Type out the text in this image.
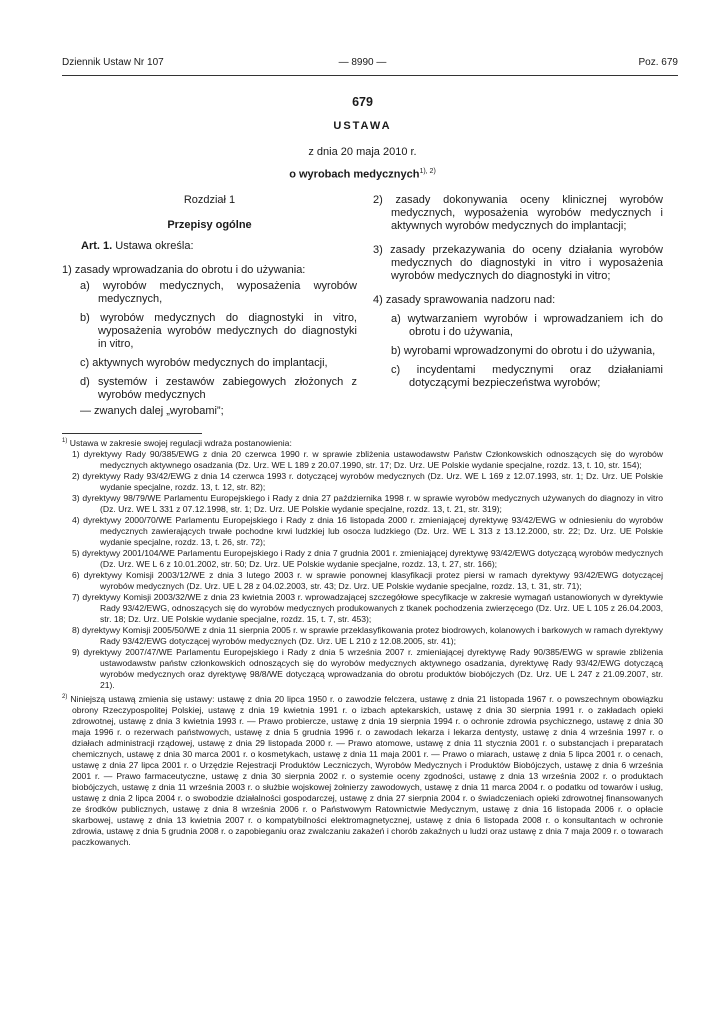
Dziennik Ustaw Nr 107	— 8990 —	Poz. 679
679
USTAWA
z dnia 20 maja 2010 r.
o wyrobach medycznych$^{1), 2)}$

Rozdział 1

Przepisy ogólne

Art. 1. Ustawa określa:

1) zasady wprowadzania do obrotu i do używania:

a) wyrobów medycznych, wyposażenia wyrobów medycznych,

b) wyrobów medycznych do diagnostyki in vitro, wyposażenia wyrobów medycznych do diagnostyki in vitro,

c) aktywnych wyrobów medycznych do implantacji,

d) systemów i zestawów zabiegowych złożonych z wyrobów medycznych

— zwanych dalej „wyrobami”;

2) zasady dokonywania oceny klinicznej wyrobów medycznych, wyposażenia wyrobów medycznych i aktywnych wyrobów medycznych do implantacji;

3) zasady przekazywania do oceny działania wyrobów medycznych do diagnostyki in vitro i wyposażenia wyrobów medycznych do diagnostyki in vitro;

4) zasady sprawowania nadzoru nad:

a) wytwarzaniem wyrobów i wprowadzaniem ich do obrotu i do używania,

b) wyrobami wprowadzonymi do obrotu i do używania,

c) incydentami medycznymi oraz działaniami dotyczącymi bezpieczeństwa wyrobów;

$^{1)}$ Ustawa w zakresie swojej regulacji wdraża postanowienia:
1) dyrektywy Rady 90/385/EWG z dnia 20 czerwca 1990 r. w sprawie zbliżenia ustawodawstw Państw Członkowskich odnoszących się do wyrobów medycznych aktywnego osadzania (Dz. Urz. WE L 189 z 20.07.1990, str. 17; Dz. Urz. UE Polskie wydanie specjalne, rozdz. 13, t. 10, str. 154);
2) dyrektywy Rady 93/42/EWG z dnia 14 czerwca 1993 r. dotyczącej wyrobów medycznych (Dz. Urz. WE L 169 z 12.07.1993, str. 1; Dz. Urz. UE Polskie wydanie specjalne, rozdz. 13, t. 12, str. 82);
3) dyrektywy 98/79/WE Parlamentu Europejskiego i Rady z dnia 27 października 1998 r. w sprawie wyrobów medycznych używanych do diagnozy in vitro (Dz. Urz. WE L 331 z 07.12.1998, str. 1; Dz. Urz. UE Polskie wydanie specjalne, rozdz. 13, t. 21, str. 319);
4) dyrektywy 2000/70/WE Parlamentu Europejskiego i Rady z dnia 16 listopada 2000 r. zmieniającej dyrektywę 93/42/EWG w odniesieniu do wyrobów medycznych zawierających trwałe pochodne krwi ludzkiej lub osocza ludzkiego (Dz. Urz. WE L 313 z 13.12.2000, str. 22; Dz. Urz. UE Polskie wydanie specjalne, rozdz. 13, t. 26, str. 72);
5) dyrektywy 2001/104/WE Parlamentu Europejskiego i Rady z dnia 7 grudnia 2001 r. zmieniającej dyrektywę 93/42/EWG dotyczącą wyrobów medycznych (Dz. Urz. WE L 6 z 10.01.2002, str. 50; Dz. Urz. UE Polskie wydanie specjalne, rozdz. 13, t. 27, str. 166);
6) dyrektywy Komisji 2003/12/WE z dnia 3 lutego 2003 r. w sprawie ponownej klasyfikacji protez piersi w ramach dyrektywy 93/42/EWG dotyczącej wyrobów medycznych (Dz. Urz. UE L 28 z 04.02.2003, str. 43; Dz. Urz. UE Polskie wydanie specjalne, rozdz. 13, t. 31, str. 71);
7) dyrektywy Komisji 2003/32/WE z dnia 23 kwietnia 2003 r. wprowadzającej szczegółowe specyfikacje w zakresie wymagań ustanowionych w dyrektywie Rady 93/42/EWG, odnoszących się do wyrobów medycznych produkowanych z tkanek pochodzenia zwierzęcego (Dz. Urz. UE L 105 z 26.04.2003, str. 18; Dz. Urz. UE Polskie wydanie specjalne, rozdz. 15, t. 7, str. 453);
8) dyrektywy Komisji 2005/50/WE z dnia 11 sierpnia 2005 r. w sprawie przeklasyfikowania protez biodrowych, kolanowych i barkowych w ramach dyrektywy Rady 93/42/EWG dotyczącej wyrobów medycznych (Dz. Urz. UE L 210 z 12.08.2005, str. 41);
9) dyrektywy 2007/47/WE Parlamentu Europejskiego i Rady z dnia 5 września 2007 r. zmieniającej dyrektywę Rady 90/385/EWG w sprawie zbliżenia ustawodawstw państw członkowskich odnoszących się do wyrobów medycznych aktywnego osadzania, dyrektywę Rady 93/42/EWG dotyczącą wyrobów medycznych oraz dyrektywę 98/8/WE dotyczącą wprowadzania do obrotu produktów biobójczych (Dz. Urz. UE L 247 z 21.09.2007, str. 21).
$^{2)}$ Niniejszą ustawą zmienia się ustawy: ustawę z dnia 20 lipca 1950 r. o zawodzie felczera, ustawę z dnia 21 listopada 1967 r. o powszechnym obowiązku obrony Rzeczypospolitej Polskiej, ustawę z dnia 19 kwietnia 1991 r. o izbach aptekarskich, ustawę z dnia 30 sierpnia 1991 r. o zakładach opieki zdrowotnej, ustawę z dnia 3 kwietnia 1993 r. — Prawo probiercze, ustawę z dnia 19 sierpnia 1994 r. o ochronie zdrowia psychicznego, ustawę z dnia 30 maja 1996 r. o rezerwach państwowych, ustawę z dnia 5 grudnia 1996 r. o zawodach lekarza i lekarza dentysty, ustawę z dnia 4 września 1997 r. o działach administracji rządowej, ustawę z dnia 29 listopada 2000 r. — Prawo atomowe, ustawę z dnia 11 stycznia 2001 r. o substancjach i preparatach chemicznych, ustawę z dnia 30 marca 2001 r. o kosmetykach, ustawę z dnia 11 maja 2001 r. — Prawo o miarach, ustawę z dnia 5 lipca 2001 r. o cenach, ustawę z dnia 27 lipca 2001 r. o Urzędzie Rejestracji Produktów Leczniczych, Wyrobów Medycznych i Produktów Biobójczych, ustawę z dnia 6 września 2001 r. — Prawo farmaceutyczne, ustawę z dnia 30 sierpnia 2002 r. o systemie oceny zgodności, ustawę z dnia 13 września 2002 r. o produktach biobójczych, ustawę z dnia 11 września 2003 r. o służbie wojskowej żołnierzy zawodowych, ustawę z dnia 11 marca 2004 r. o podatku od towarów i usług, ustawę z dnia 2 lipca 2004 r. o swobodzie działalności gospodarczej, ustawę z dnia 27 sierpnia 2004 r. o świadczeniach opieki zdrowotnej finansowanych ze środków publicznych, ustawę z dnia 8 września 2006 r. o Państwowym Ratownictwie Medycznym, ustawę z dnia 16 listopada 2006 r. o opłacie skarbowej, ustawę z dnia 13 kwietnia 2007 r. o kompatybilności elektromagnetycznej, ustawę z dnia 6 listopada 2008 r. o konsultantach w ochronie zdrowia, ustawę z dnia 5 grudnia 2008 r. o zapobieganiu oraz zwalczaniu zakażeń i chorób zakaźnych u ludzi oraz ustawę z dnia 7 maja 2009 r. o towarach paczkowanych.
